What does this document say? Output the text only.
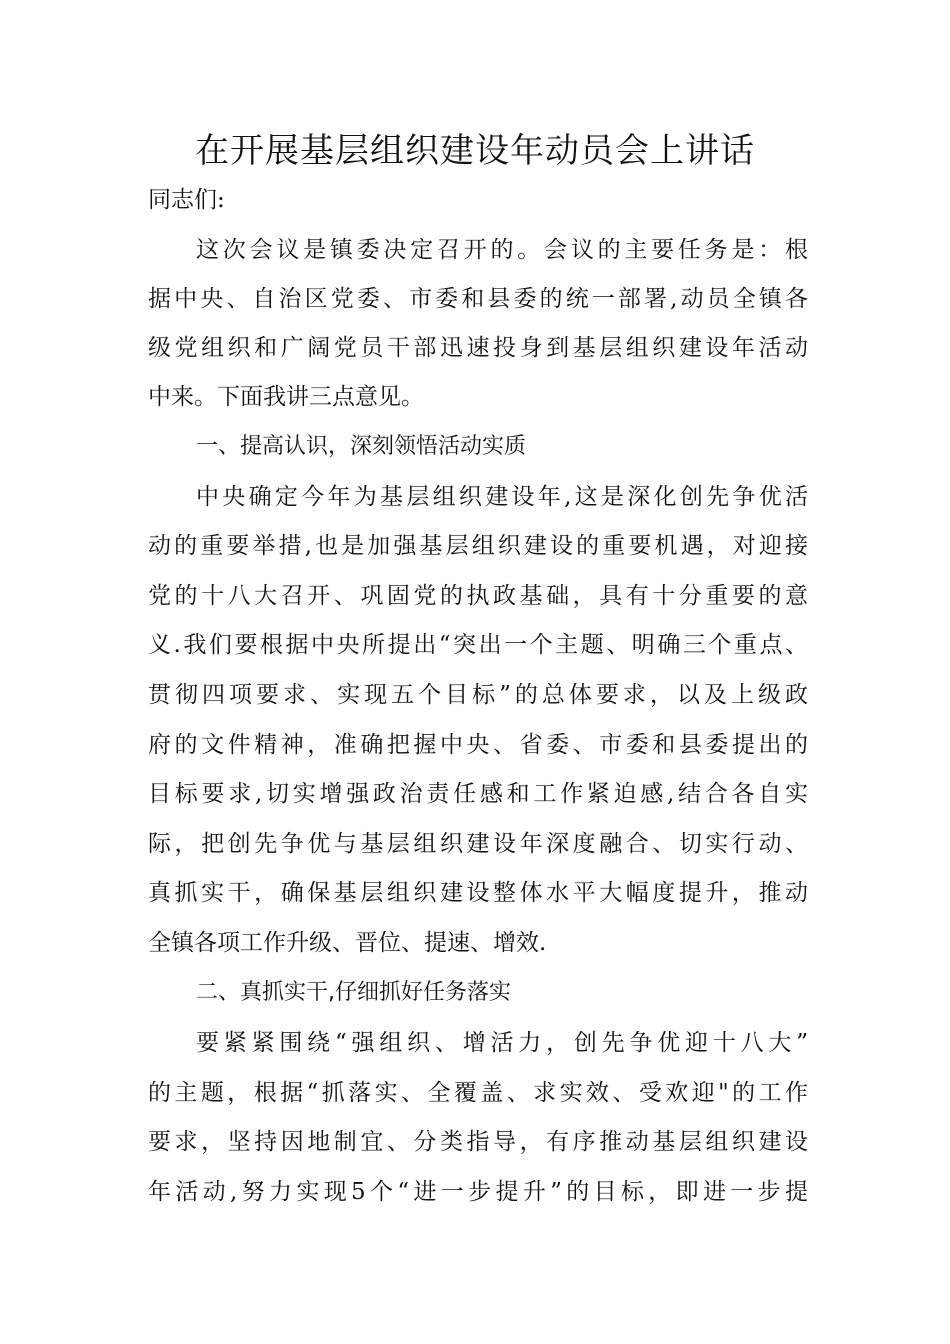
在开展基层组织建设年动员会上讲话

同志们:

这次会议是镇委决定召开的。会议的主要任务是：根

据中央、自治区党委、市委和县委的统一部署,动员全镇各

级党组织和广阔党员干部迅速投身到基层组织建设年活动

中来。下面我讲三点意见。

一、提高认识，深刻领悟活动实质

中央确定今年为基层组织建设年,这是深化创先争优活

动的重要举措,也是加强基层组织建设的重要机遇，对迎接

党的十八大召开、巩固党的执政基础，具有十分重要的意

义.我们要根据中央所提出“突出一个主题、明确三个重点、

贯彻四项要求、实现五个目标”的总体要求，以及上级政

府的文件精神，准确把握中央、省委、市委和县委提出的

目标要求,切实增强政治责任感和工作紧迫感,结合各自实

际，把创先争优与基层组织建设年深度融合、切实行动、

真抓实干，确保基层组织建设整体水平大幅度提升，推动

全镇各项工作升级、晋位、提速、增效.

二、真抓实干,仔细抓好任务落实

要紧紧围绕“强组织、增活力，创先争优迎十八大”

的主题，根据“抓落实、全覆盖、求实效、受欢迎"的工作

要求，坚持因地制宜、分类指导，有序推动基层组织建设

年活动,努力实现5个“进一步提升”的目标，即进一步提
